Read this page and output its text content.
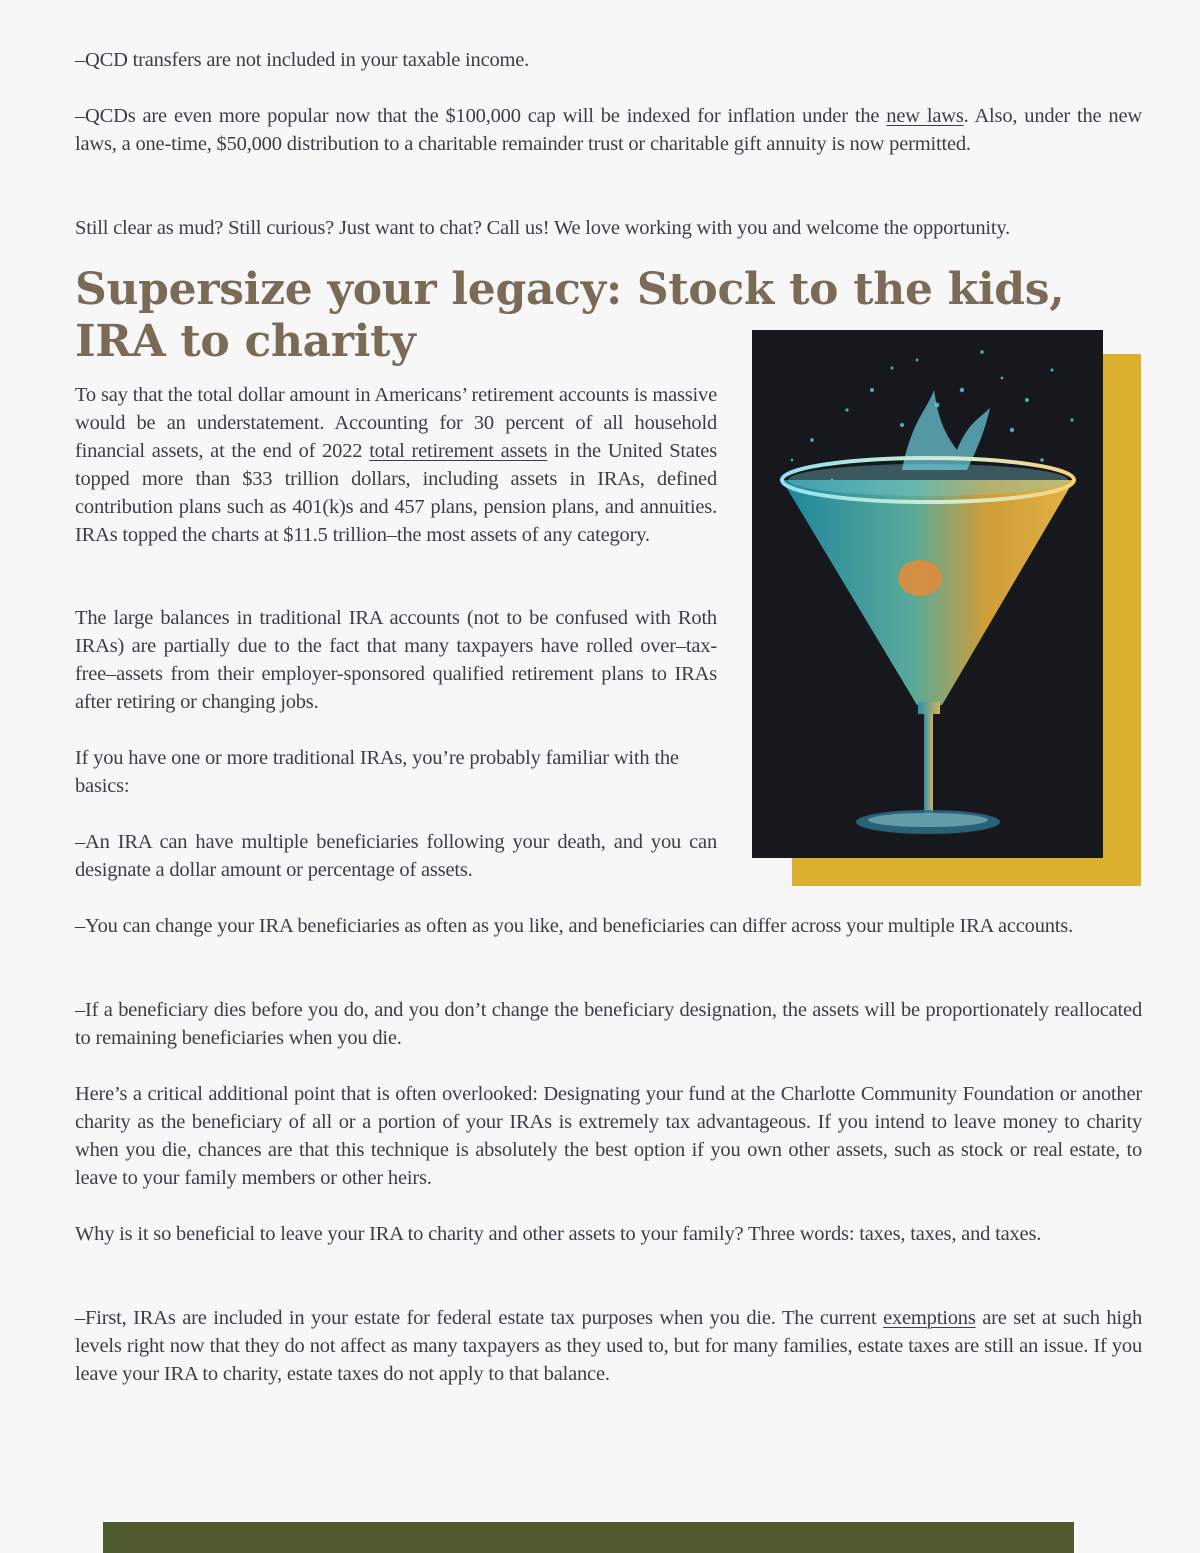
–QCD transfers are not included in your taxable income.

–QCDs are even more popular now that the $100,000 cap will be indexed for inflation under the new laws. Also, under the new laws, a one-time, $50,000 distribution to a charitable remainder trust or charitable gift annuity is now permitted.

Still clear as mud? Still curious? Just want to chat? Call us! We love working with you and welcome the opportunity.

Supersize your legacy: Stock to the kids, IRA to charity

To say that the total dollar amount in Americans’ retirement accounts is massive would be an understatement. Accounting for 30 percent of all household financial assets, at the end of 2022 total retirement assets in the United States topped more than $33 trillion dollars, including assets in IRAs, defined contribution plans such as 401(k)s and 457 plans, pension plans, and annuities. IRAs topped the charts at $11.5 trillion–the most assets of any category.

The large balances in traditional IRA accounts (not to be confused with Roth IRAs) are partially due to the fact that many taxpayers have rolled over–tax-free–assets from their employer-sponsored qualified retirement plans to IRAs after retiring or changing jobs.

If you have one or more traditional IRAs, you’re probably familiar with the basics:

–An IRA can have multiple beneficiaries following your death, and you can designate a dollar amount or percentage of assets.

–You can change your IRA beneficiaries as often as you like, and beneficiaries can differ across your multiple IRA accounts.

–If a beneficiary dies before you do, and you don’t change the beneficiary designation, the assets will be proportionately reallocated to remaining beneficiaries when you die.

Here’s a critical additional point that is often overlooked: Designating your fund at the Charlotte Community Foundation or another charity as the beneficiary of all or a portion of your IRAs is extremely tax advantageous. If you intend to leave money to charity when you die, chances are that this technique is absolutely the best option if you own other assets, such as stock or real estate, to leave to your family members or other heirs.

Why is it so beneficial to leave your IRA to charity and other assets to your family? Three words: taxes, taxes, and taxes.

–First, IRAs are included in your estate for federal estate tax purposes when you die. The current exemptions are set at such high levels right now that they do not affect as many taxpayers as they used to, but for many families, estate taxes are still an issue. If you leave your IRA to charity, estate taxes do not apply to that balance.
